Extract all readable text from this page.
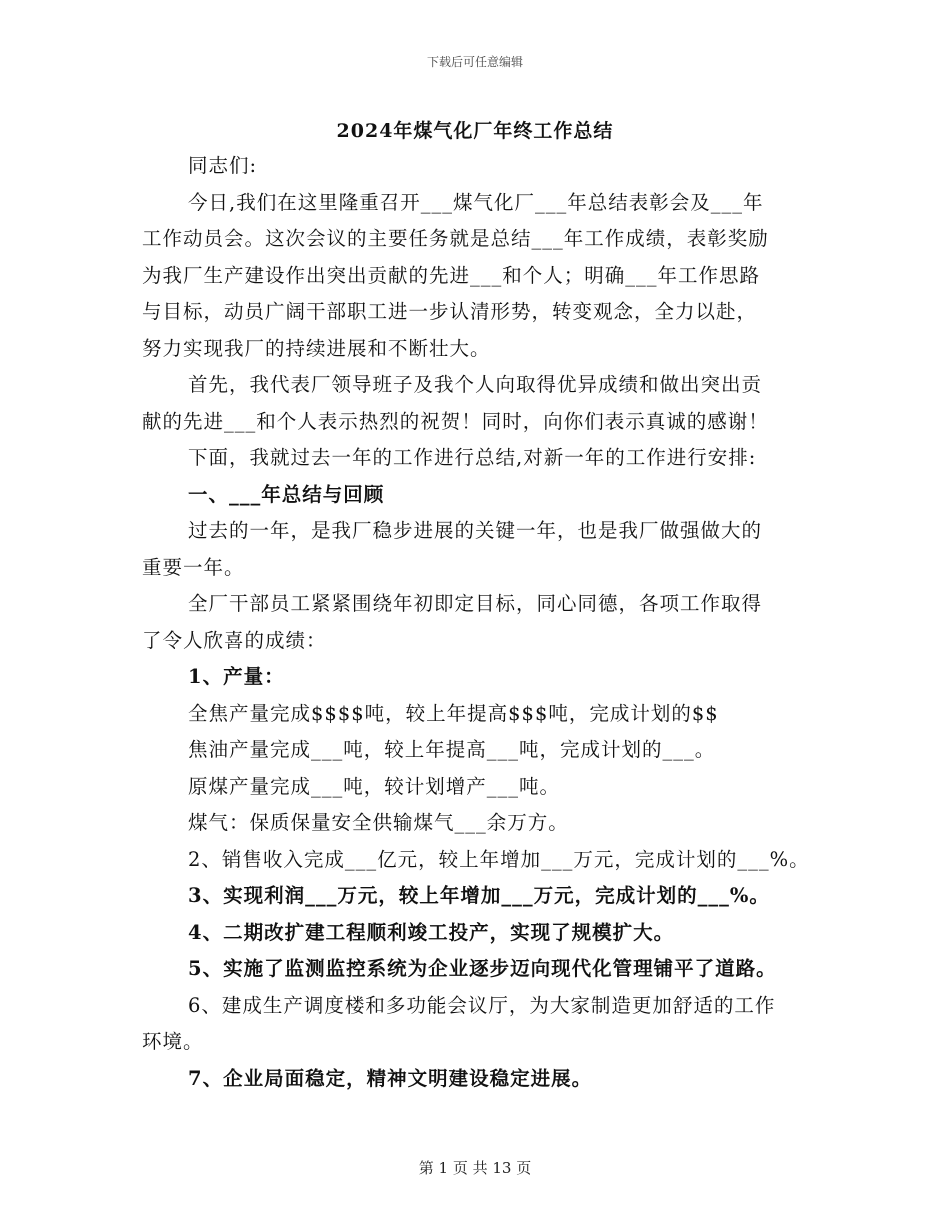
下载后可任意编辑
2024年煤气化厂年终工作总结
同志们:
今日,我们在这里隆重召开___煤气化厂___年总结表彰会及___年
工作动员会。这次会议的主要任务就是总结___年工作成绩，表彰奖励
为我厂生产建设作出突出贡献的先进___和个人；明确___年工作思路
与目标，动员广阔干部职工进一步认清形势，转变观念，全力以赴，
努力实现我厂的持续进展和不断壮大。
首先，我代表厂领导班子及我个人向取得优异成绩和做出突出贡
献的先进___和个人表示热烈的祝贺！同时，向你们表示真诚的感谢！
下面，我就过去一年的工作进行总结,对新一年的工作进行安排:
一、___年总结与回顾
过去的一年，是我厂稳步进展的关键一年，也是我厂做强做大的
重要一年。
全厂干部员工紧紧围绕年初即定目标，同心同德，各项工作取得
了令人欣喜的成绩：
1、产量：
全焦产量完成$$$$吨，较上年提高$$$吨，完成计划的$$
焦油产量完成___吨，较上年提高___吨，完成计划的___。
原煤产量完成___吨，较计划增产___吨。
煤气：保质保量安全供输煤气___余万方。
2、销售收入完成___亿元，较上年增加___万元，完成计划的___%。
3、实现利润___万元，较上年增加___万元，完成计划的___%。
4、二期改扩建工程顺利竣工投产，实现了规模扩大。
5、实施了监测监控系统为企业逐步迈向现代化管理铺平了道路。
6、建成生产调度楼和多功能会议厅，为大家制造更加舒适的工作
环境。
7、企业局面稳定，精神文明建设稳定进展。
第 1 页 共 13 页
